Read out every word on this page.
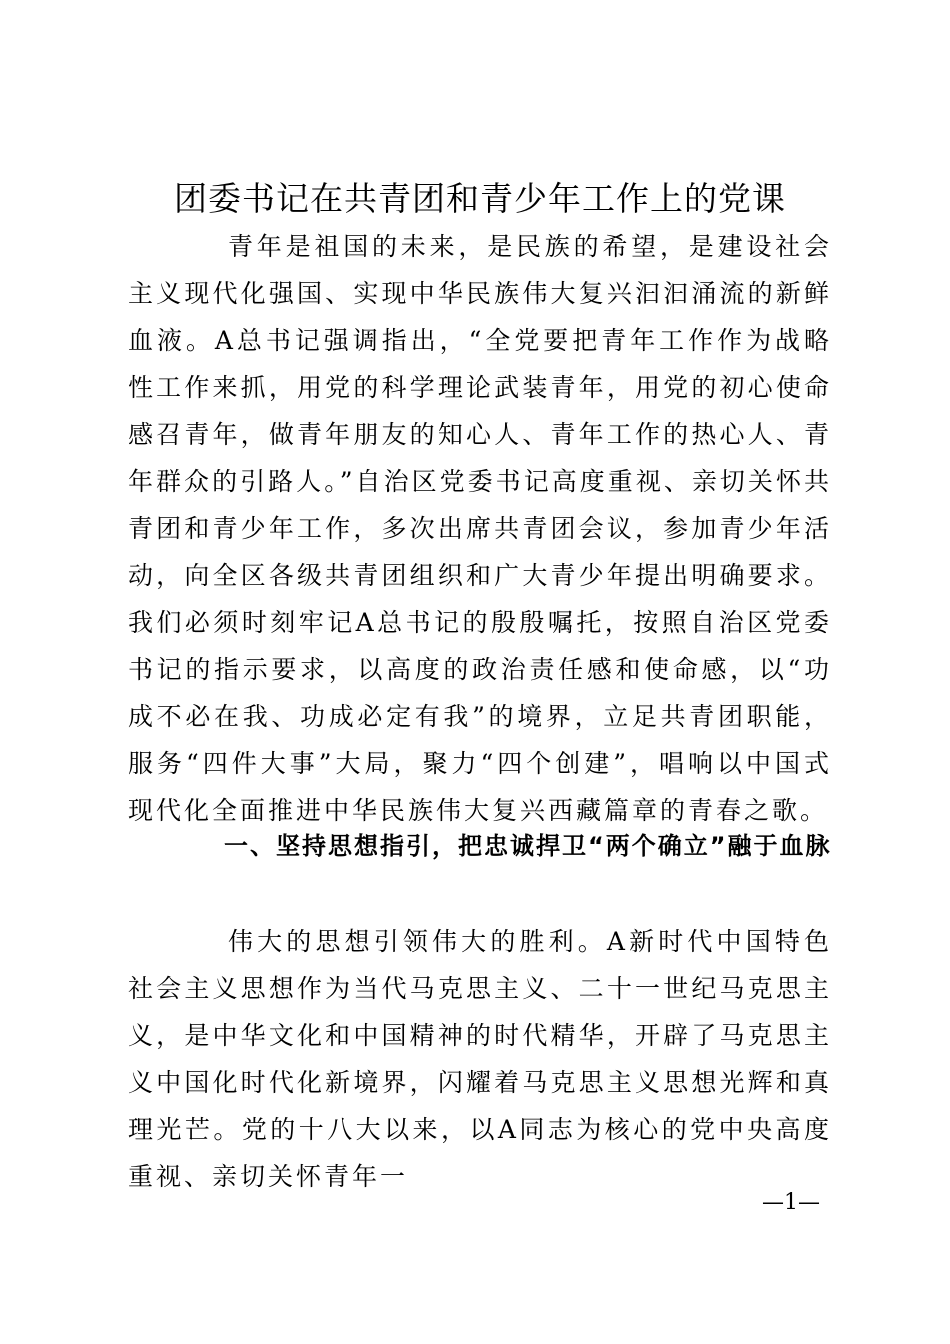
团委书记在共青团和青少年工作上的党课

青年是祖国的未来，是民族的希望，是建设社会主义现代化强国、实现中华民族伟大复兴汩汩涌流的新鲜血液。A总书记强调指出，“全党要把青年工作作为战略性工作来抓，用党的科学理论武装青年，用党的初心使命感召青年，做青年朋友的知心人、青年工作的热心人、青年群众的引路人。”自治区党委书记高度重视、亲切关怀共青团和青少年工作，多次出席共青团会议，参加青少年活动，向全区各级共青团组织和广大青少年提出明确要求。我们必须时刻牢记A总书记的殷殷嘱托，按照自治区党委书记的指示要求，以高度的政治责任感和使命感，以“功成不必在我、功成必定有我”的境界，立足共青团职能，服务“四件大事”大局，聚力“四个创建”，唱响以中国式现代化全面推进中华民族伟大复兴西藏篇章的青春之歌。

一、坚持思想指引，把忠诚捍卫“两个确立”融于血脉

伟大的思想引领伟大的胜利。A新时代中国特色社会主义思想作为当代马克思主义、二十一世纪马克思主义，是中华文化和中国精神的时代精华，开辟了马克思主义中国化时代化新境界，闪耀着马克思主义思想光辉和真理光芒。党的十八大以来，以A同志为核心的党中央高度重视、亲切关怀青年一

—1—
